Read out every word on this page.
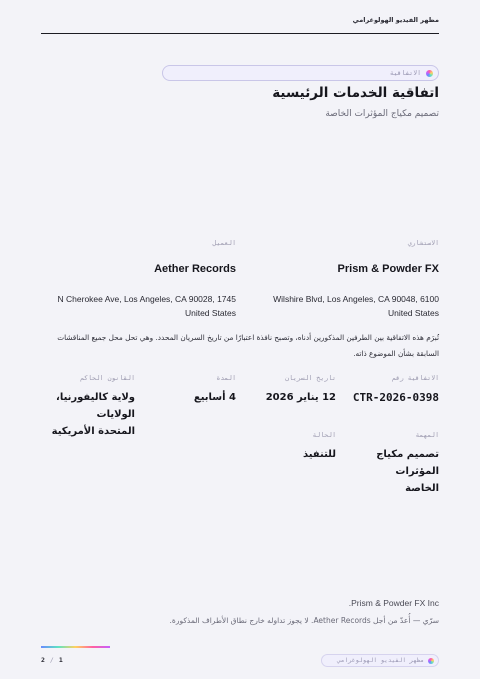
مظهر الفيديو الهولوغرامي
الاتفاقية
اتفاقية الخدمات الرئيسية
تصميم مكياج المؤثرات الخاصة
الاستشاري
Prism & Powder FX
Wilshire Blvd, Los Angeles, CA 90048, 6100
United States
العميل
Aether Records
N Cherokee Ave, Los Angeles, CA 90028, 1745
United States
تُبرَم هذه الاتفاقية بين الطرفين المذكورين أدناه، وتصبح نافذة اعتبارًا من تاريخ السريان المحدد. وهي تحل محل جميع المناقشات
السابقة بشأن الموضوع ذاته.
الاتفاقية رقم
CTR-2026-0398
تاريخ السريان
12 يناير 2026
المدة
4 أسابيع
القانون الحاكم
ولاية كاليفورنيا، الولايات
المتحدة الأمريكية	المهمة
تصميم مكياج المؤثرات
الخاصة
الحالة
للتنفيذ
Prism & Powder FX Inc.
سرّي — أُعدّ من أجل Aether Records. لا يجوز تداوله خارج نطاق الأطراف المذكورة.
مظهر الفيديو الهولوغرامي
2 / 1
